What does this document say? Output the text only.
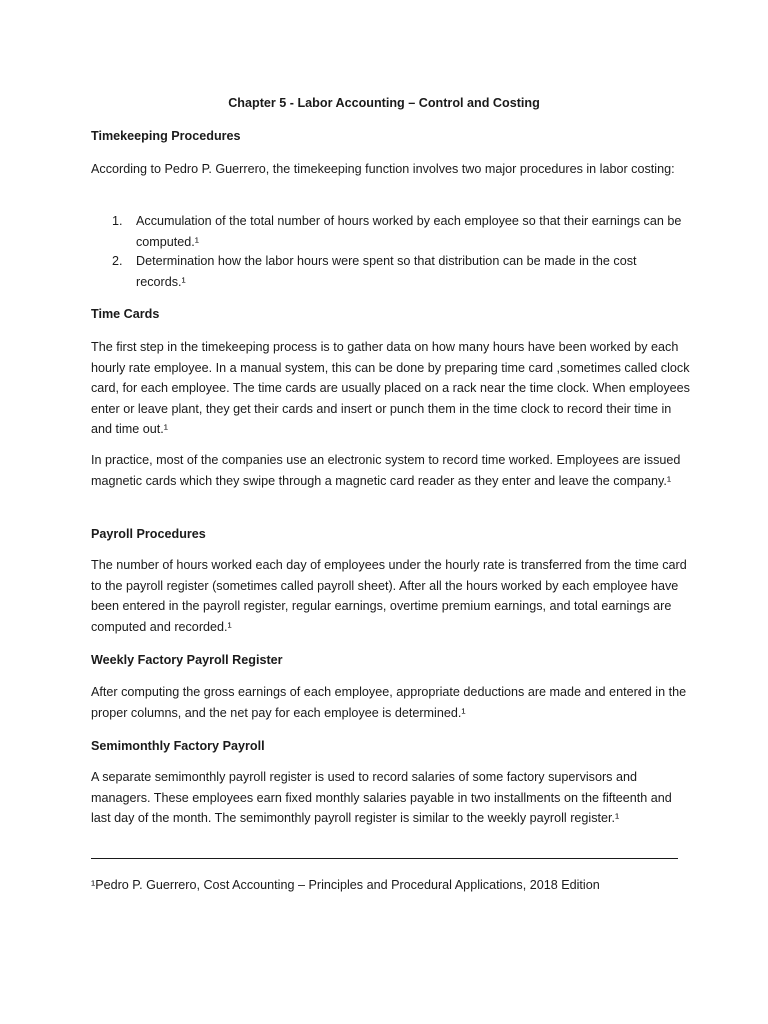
Chapter 5 - Labor Accounting – Control and Costing
Timekeeping Procedures
According to Pedro P. Guerrero, the timekeeping function involves two major procedures in labor costing:
1. Accumulation of the total number of hours worked by each employee so that their earnings can be computed.¹
2. Determination how the labor hours were spent so that distribution can be made in the cost records.¹
Time Cards
The first step in the timekeeping process is to gather data on how many hours have been worked by each hourly rate employee. In a manual system, this can be done by preparing time card ,sometimes called clock card, for each employee. The time cards are usually placed on a rack near the time clock. When employees enter or leave plant, they get their cards and insert or punch them in the time clock to record their time in and time out.¹
In practice, most of the companies use an electronic system to record time worked. Employees are issued magnetic cards which they swipe through a magnetic card reader as they enter and leave the company.¹
Payroll Procedures
The number of hours worked each day of employees under the hourly rate is transferred from the time card to the payroll register (sometimes called payroll sheet). After all the hours worked by each employee have been entered in the payroll register, regular earnings, overtime premium earnings, and total earnings are computed and recorded.¹
Weekly Factory Payroll Register
After computing the gross earnings of each employee, appropriate deductions are made and entered in the proper columns, and the net pay for each employee is determined.¹
Semimonthly Factory Payroll
A separate semimonthly payroll register is used to record salaries of some factory supervisors and managers. These employees earn fixed monthly salaries payable in two installments on the fifteenth and last day of the month. The semimonthly payroll register is similar to the weekly payroll register.¹
¹Pedro P. Guerrero, Cost Accounting – Principles and Procedural Applications, 2018 Edition
